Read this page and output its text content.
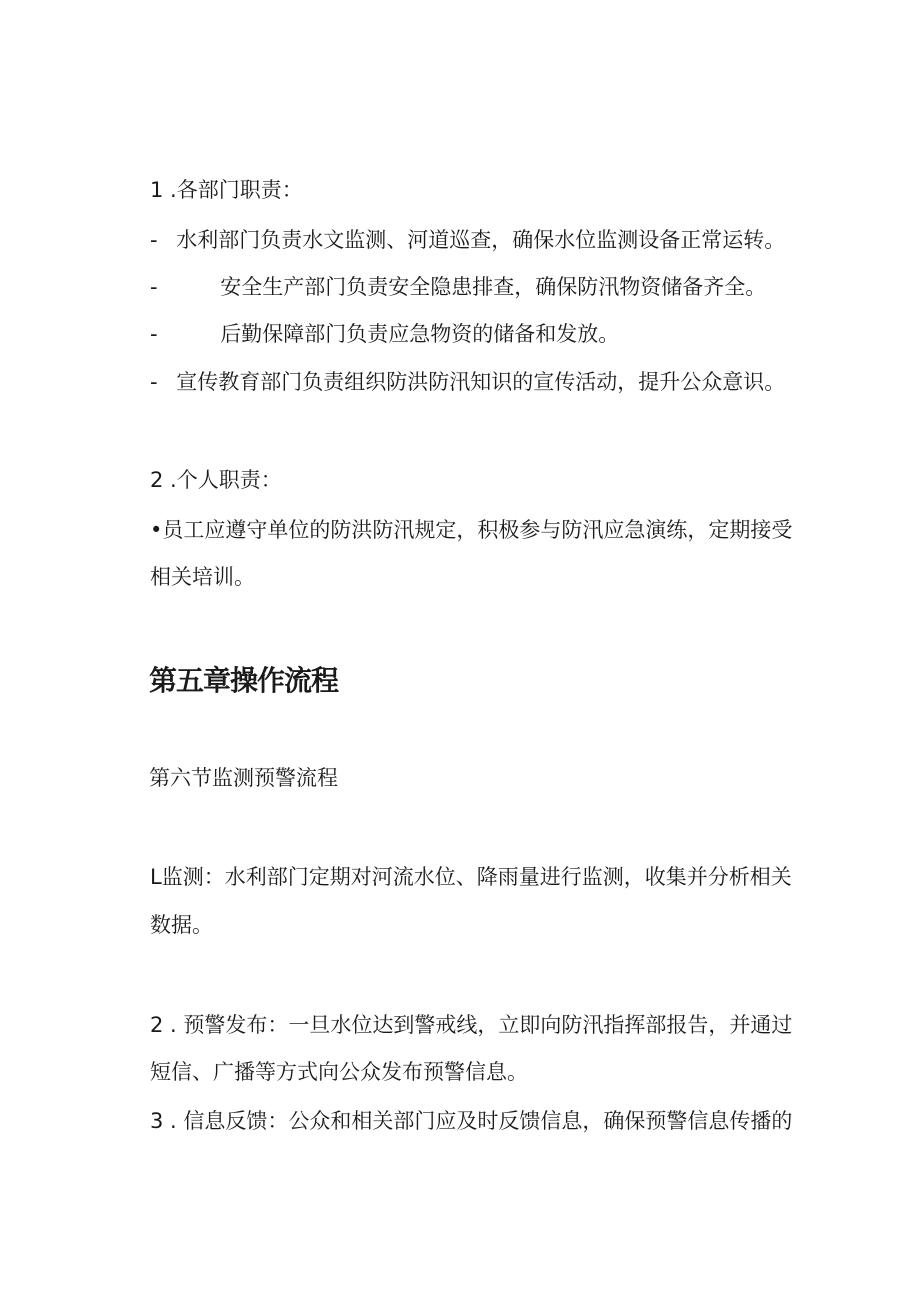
1 .各部门职责：
- 水利部门负责水文监测、河道巡查，确保水位监测设备正常运转。
-	安全生产部门负责安全隐患排查，确保防汛物资储备齐全。
-	后勤保障部门负责应急物资的储备和发放。
- 宣传教育部门负责组织防洪防汛知识的宣传活动，提升公众意识。
2 .个人职责：
•员工应遵守单位的防洪防汛规定，积极参与防汛应急演练，定期接受
相关培训。
第五章操作流程
第六节监测预警流程
L监测：水利部门定期对河流水位、降雨量进行监测，收集并分析相关
数据。
2 . 预警发布：一旦水位达到警戒线，立即向防汛指挥部报告，并通过
短信、广播等方式向公众发布预警信息。
3 . 信息反馈：公众和相关部门应及时反馈信息，确保预警信息传播的
